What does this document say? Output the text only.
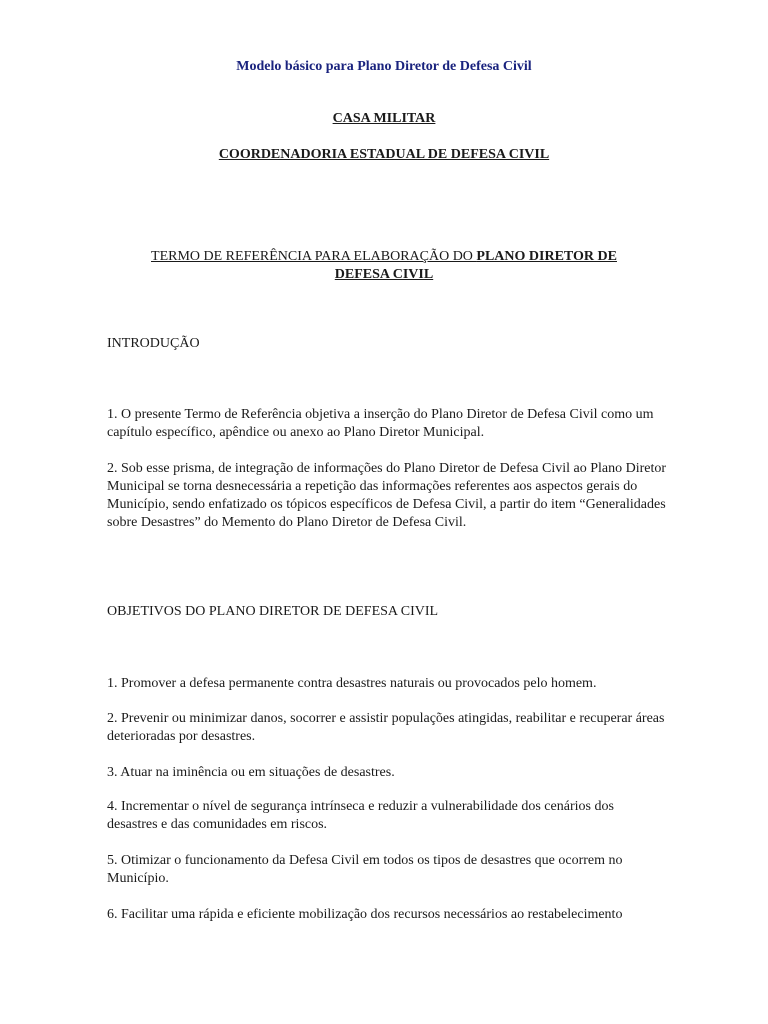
Modelo básico para Plano Diretor de Defesa Civil
CASA MILITAR
COORDENADORIA ESTADUAL DE DEFESA CIVIL
TERMO DE REFERÊNCIA PARA ELABORAÇÃO DO PLANO DIRETOR DE DEFESA CIVIL
INTRODUÇÃO
1. O presente Termo de Referência objetiva a inserção do Plano Diretor de Defesa Civil como um capítulo específico, apêndice ou anexo ao Plano Diretor Municipal.
2. Sob esse prisma, de integração de informações do Plano Diretor de Defesa Civil ao Plano Diretor Municipal se torna desnecessária a repetição das informações referentes aos aspectos gerais do Município, sendo enfatizado os tópicos específicos de Defesa Civil, a partir do item “Generalidades sobre Desastres” do Memento do Plano Diretor de Defesa Civil.
OBJETIVOS DO PLANO DIRETOR DE DEFESA CIVIL
1. Promover a defesa permanente contra desastres naturais ou provocados pelo homem.
2. Prevenir ou minimizar danos, socorrer e assistir populações atingidas, reabilitar e recuperar áreas deterioradas por desastres.
3. Atuar na iminência ou em situações de desastres.
4. Incrementar o nível de segurança intrínseca e reduzir a vulnerabilidade dos cenários dos desastres e das comunidades em riscos.
5. Otimizar o funcionamento da Defesa Civil em todos os tipos de desastres que ocorrem no Município.
6. Facilitar uma rápida e eficiente mobilização dos recursos necessários ao restabelecimento
